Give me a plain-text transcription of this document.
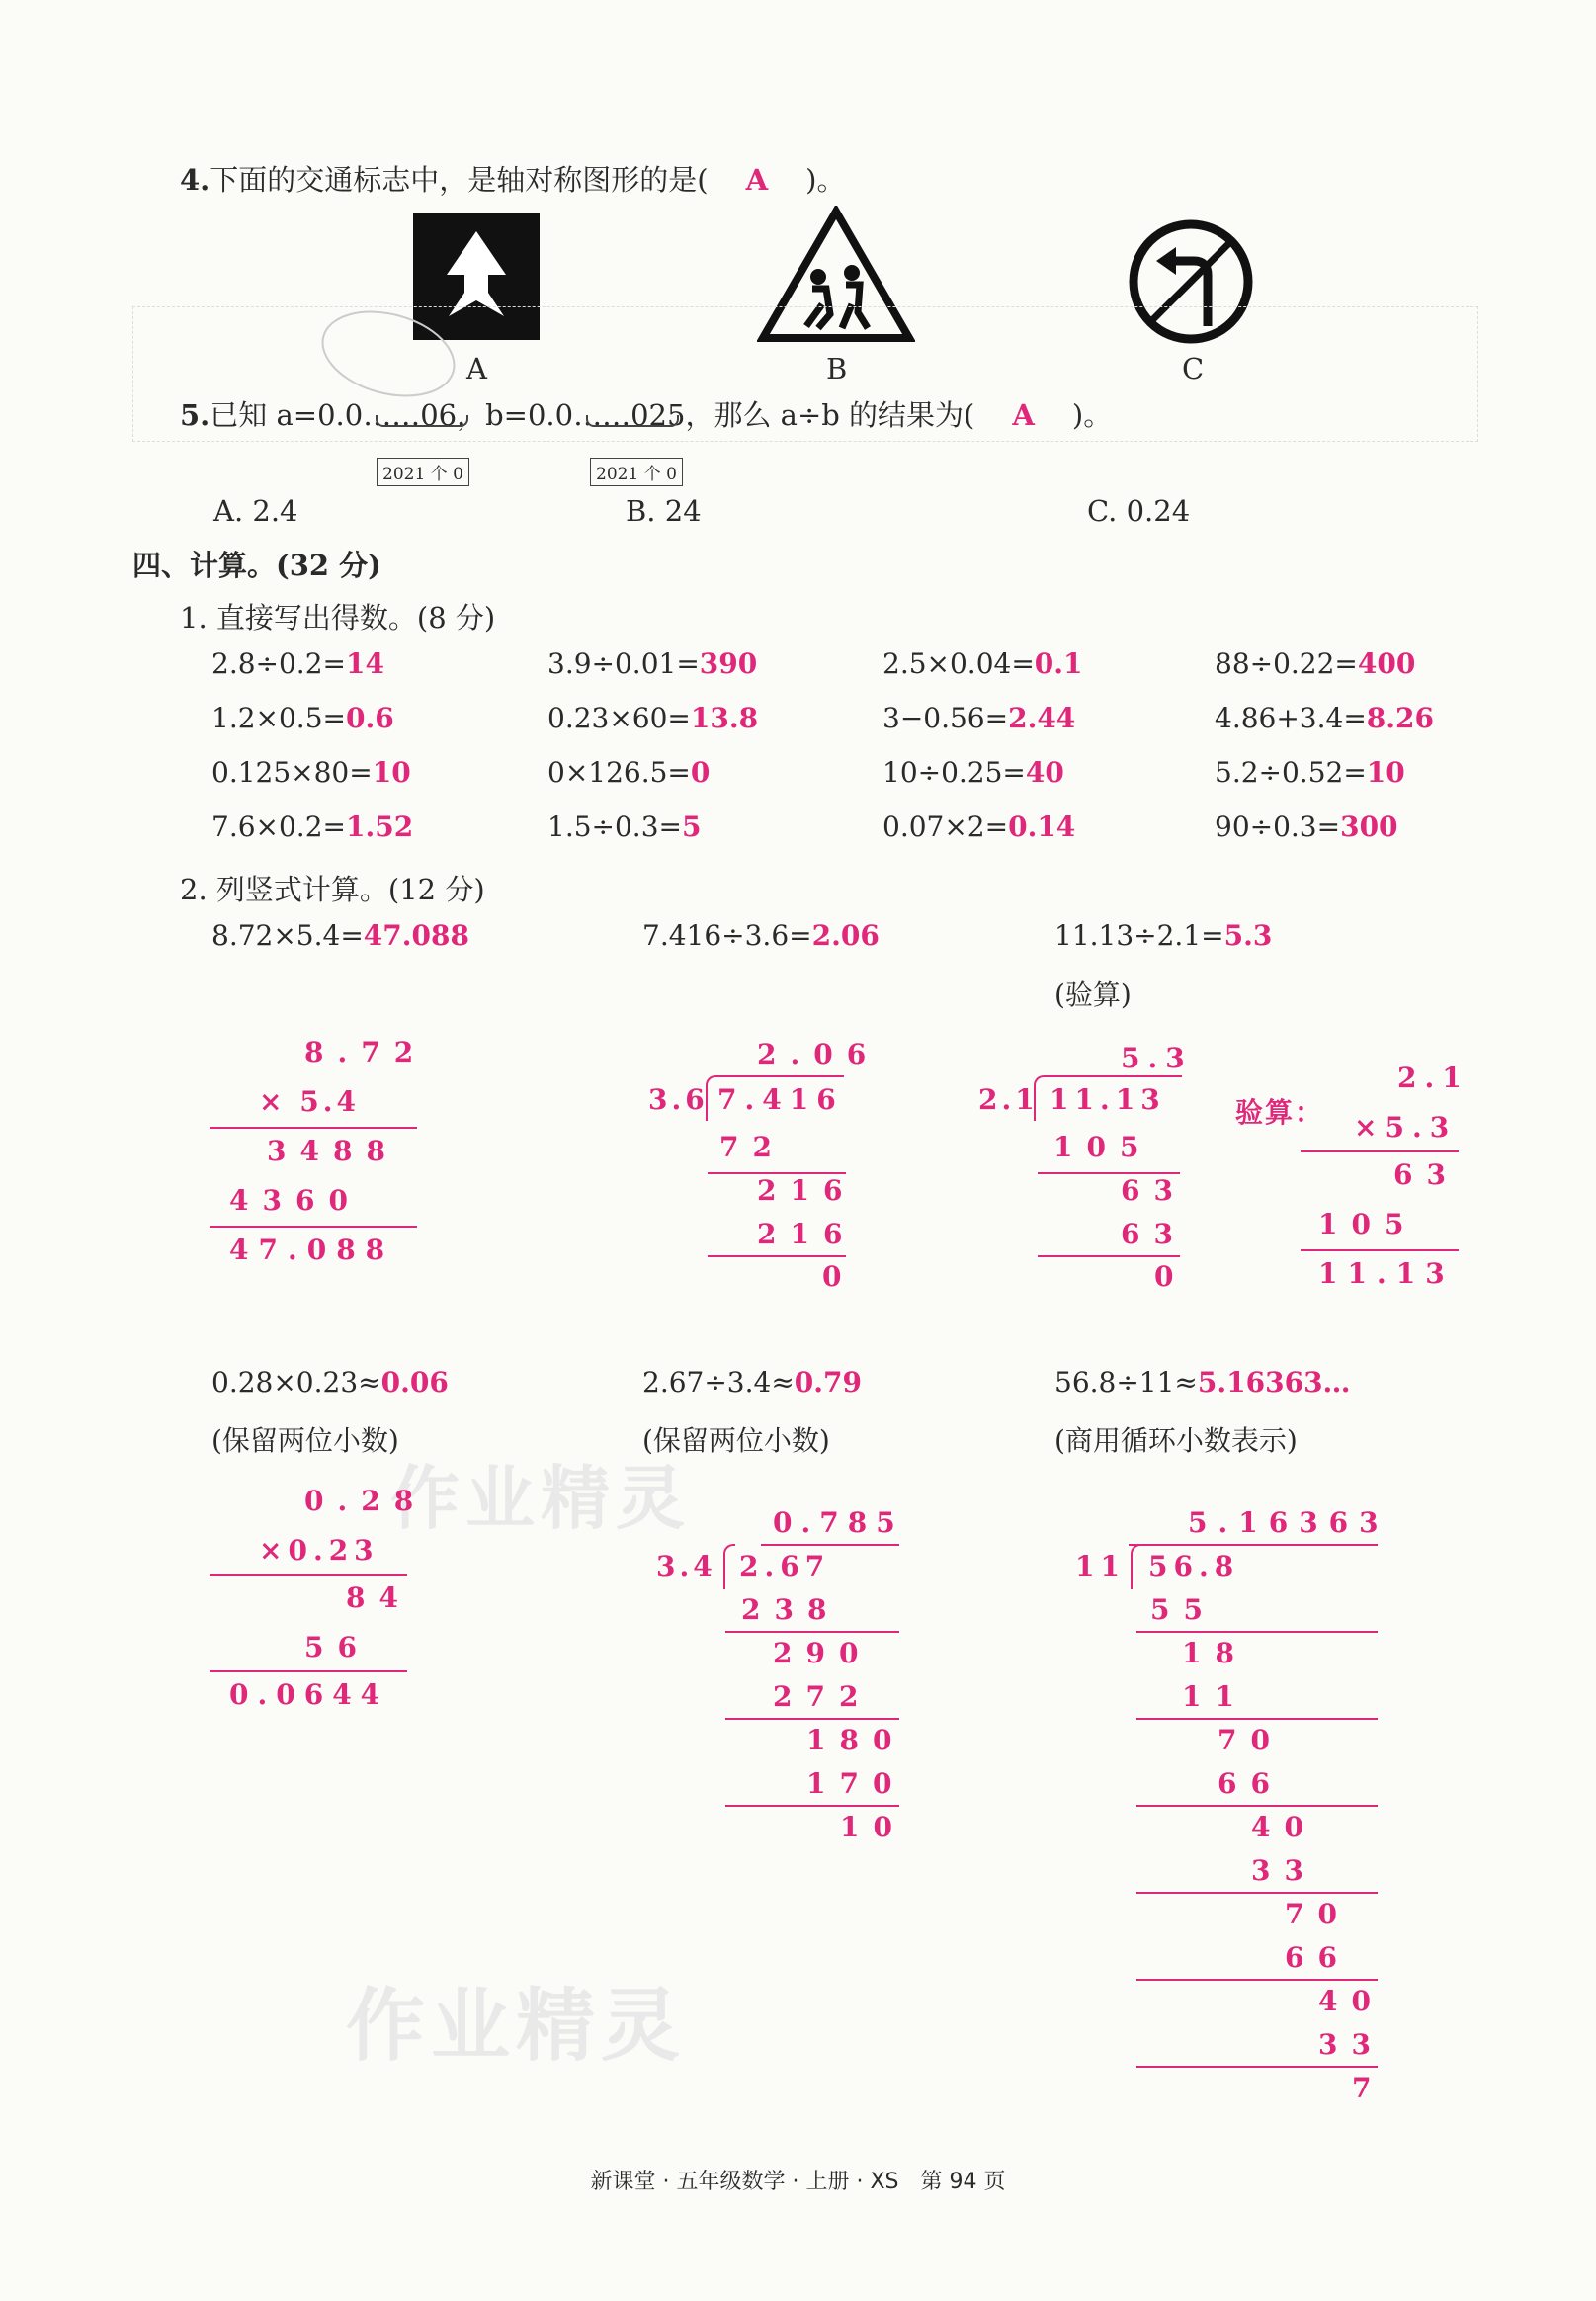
作业精灵
作业精灵
4.下面的交通标志中，是轴对称图形的是( A )。
A	B	C
5.已知 a=0.0……06，b=0.0……025，那么 a÷b 的结果为( A )。
2021 个 0	2021 个 0
A. 2.4	B. 24	C. 0.24
四、计算。(32 分)
1. 直接写出得数。(8 分)
2.8÷0.2=14	3.9÷0.01=390	2.5×0.04=0.1	88÷0.22=400
1.2×0.5=0.6	0.23×60=13.8	3−0.56=2.44	4.86+3.4=8.26
0.125×80=10	0×126.5=0	10÷0.25=40	5.2÷0.52=10
7.6×0.2=1.52	1.5÷0.3=5	0.07×2=0.14	90÷0.3=300
2. 列竖式计算。(12 分)
8.72×5.4=47.088	7.416÷3.6=2.06	11.13÷2.1=5.3
(验算)
8.72
× 5.4
3488
4360
47.088
2.06
3.6 7.416
72
216
216
0
5.3
2.1 11.13
105
63
63
0
验算：
2.1
×5.3
63
105
11.13
0.28×0.23≈0.06
(保留两位小数)
2.67÷3.4≈0.79
(保留两位小数)
56.8÷11≈5.16363…
(商用循环小数表示)
0.28
×0.23
84
56
0.0644
0.785
3.4 2.67
238
290
272
180
170
10
5.16363
11 56.8
55
18
11
70
66
40
33
70
66
40
33
7
新课堂 · 五年级数学 · 上册 · XS　第 94 页
